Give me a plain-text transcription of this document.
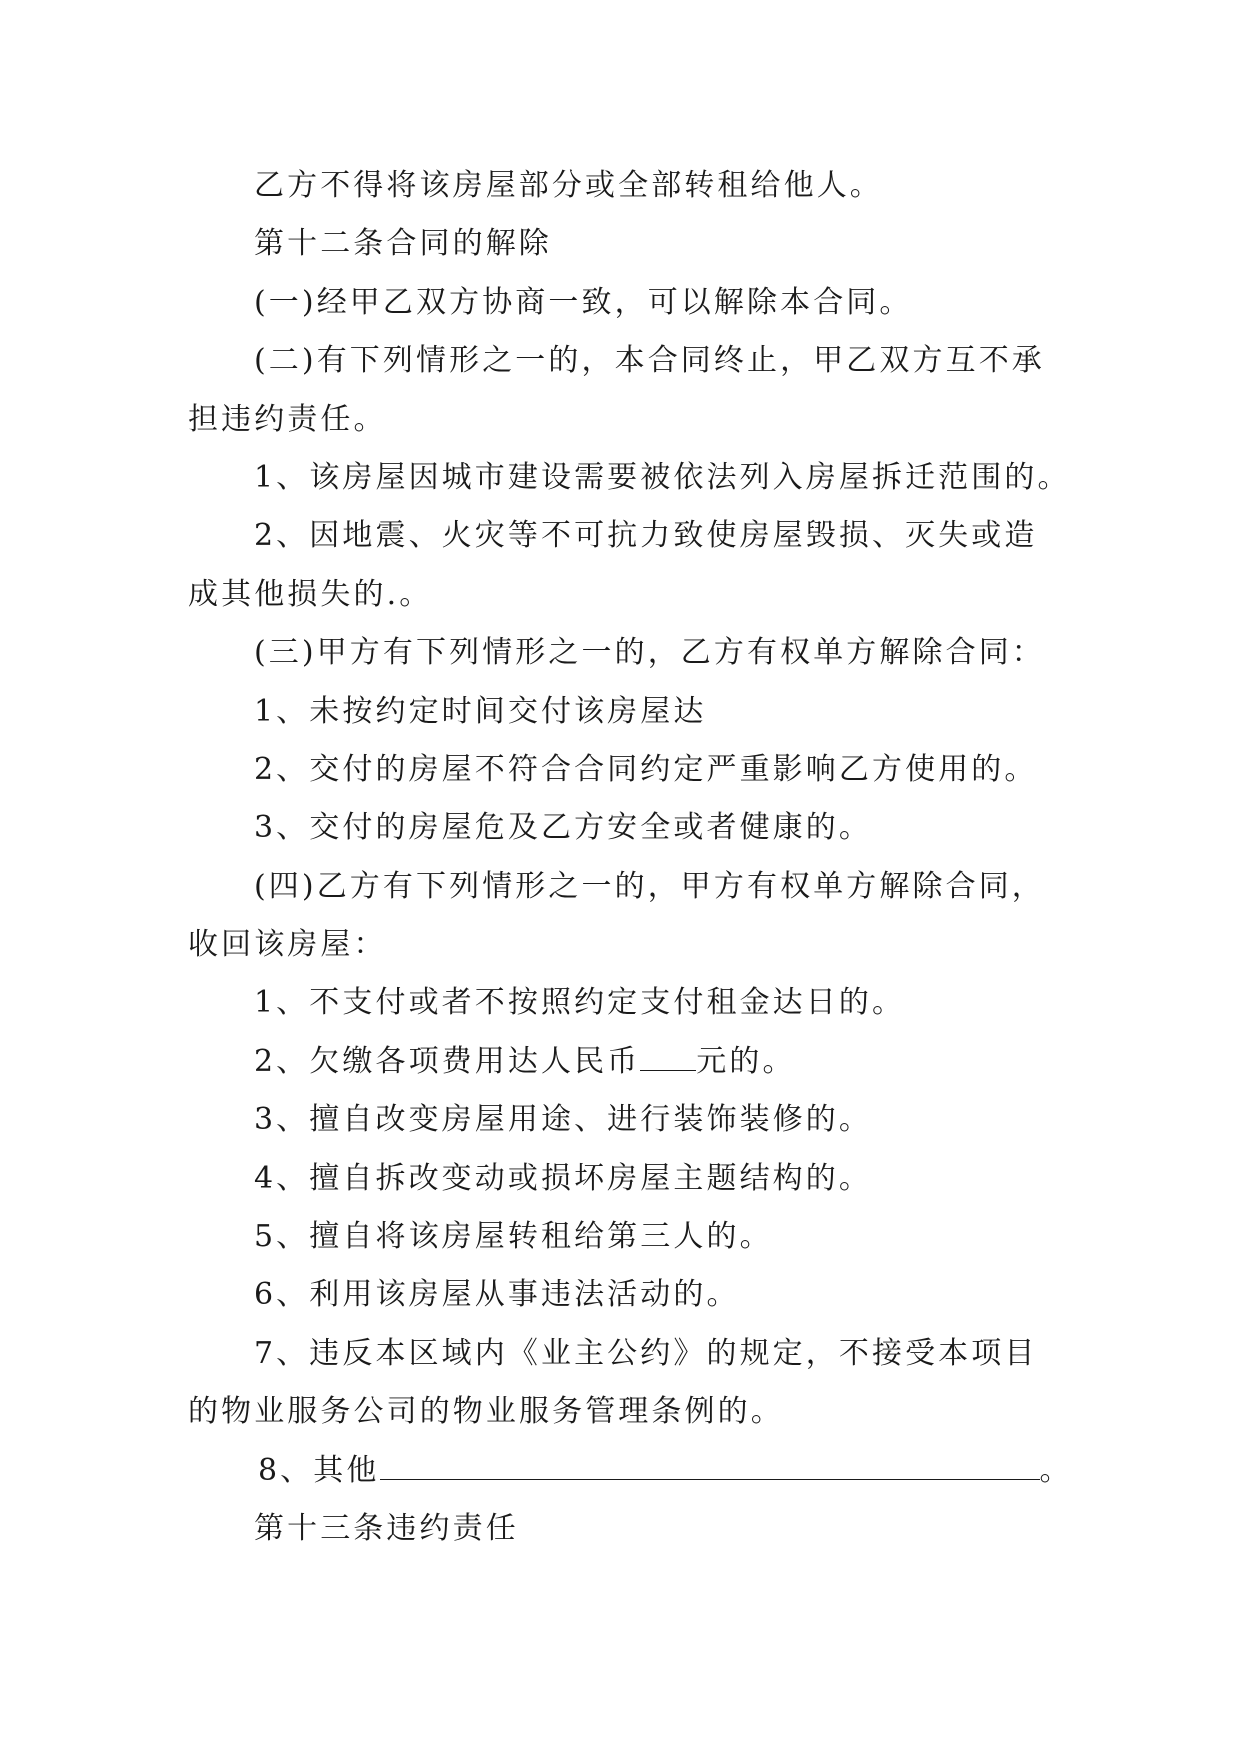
乙方不得将该房屋部分或全部转租给他人。
第十二条合同的解除
(一)经甲乙双方协商一致，可以解除本合同。
(二)有下列情形之一的，本合同终止，甲乙双方互不承
担违约责任。
1、该房屋因城市建设需要被依法列入房屋拆迁范围的。
2、因地震、火灾等不可抗力致使房屋毁损、灭失或造
成其他损失的.。
(三)甲方有下列情形之一的，乙方有权单方解除合同：
1、未按约定时间交付该房屋达
2、交付的房屋不符合合同约定严重影响乙方使用的。
3、交付的房屋危及乙方安全或者健康的。
(四)乙方有下列情形之一的，甲方有权单方解除合同，
收回该房屋：
1、不支付或者不按照约定支付租金达日的。
2、欠缴各项费用达人民币 元的。
3、擅自改变房屋用途、进行装饰装修的。
4、擅自拆改变动或损坏房屋主题结构的。
5、擅自将该房屋转租给第三人的。
6、利用该房屋从事违法活动的。
7、违反本区域内《业主公约》的规定，不接受本项目
的物业服务公司的物业服务管理条例的。
8、其他	。
第十三条违约责任
